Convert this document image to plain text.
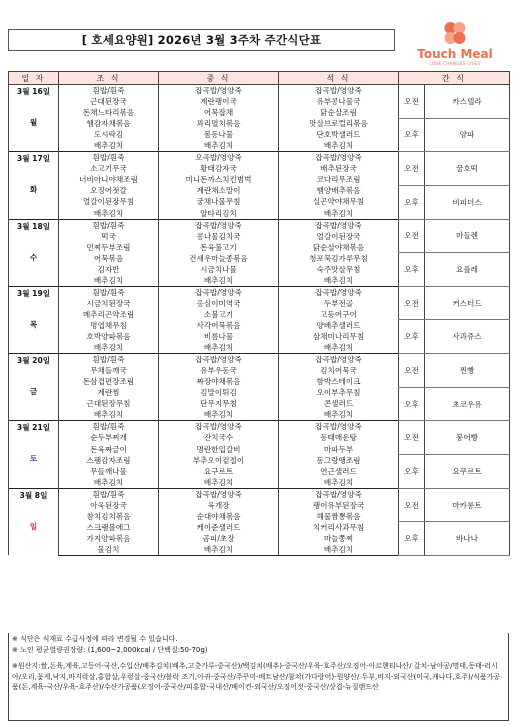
[ 호세요양원] 2026년 3월 3주차 주간식단표
Touch Meal
LOVE CHANGES LIVES
일 자	조 식	중 식	석 식	간 식	

3월 16일
월	흰밥/흰죽	잡곡밥/영양죽	잡곡밥/영양죽	오전	카스텔라
	근대된장국	계란팽이국	유부콩나물국		
	돈채느타리볶음	어묵잡채	닭순살조림		
	햄감자채볶음	꽈리멸치볶음	맛살브로컬리볶음	오후	양파
	도시락김	봄동나물	단호박샐러드		
	배추김치	배추김치	배추김치		

3월 17일
화	흰밥/흰죽	오곡밥/영양죽	잡곡밥/영양죽	오전	꿀호떡
	소고기무국	황태감자국	배추된장국		
	너비아니야채조림	미니돈까스치킨범벅	코다리무조림		
	오징어젓갈	계란채소말이	햄양배추볶음	오후	비피더스
	얼갈이된장무침	궁채나물무침	실곤약야채무침		
	배추김치	알타리김치	배추김치		

3월 18일
수	흰밥/흰죽	잡곡밥/영양죽	잡곡밥/영양죽	오전	마들렌
	떡국	콩나물김치국	얼갈이된장국		
	민찌두부조림	돈육불고기	닭순살야채볶음		
	어묵볶음	건새우마늘종볶음	청포묵김가루무침	오후	요플레
	김자반	시금치나물	숙주맛살무침		
	배추김치	배추김치	배추김치		

3월 19일
목	흰밥/흰죽	잡곡밥/영양죽	잡곡밥/영양죽	오전	커스터드
	시금치된장국	옹심이미역국	두부전골		
	메추리곤약조림	소불고기	고등어구이		
	명엽채무침	사각어묵볶음	양배추샐러드	오후	사과쥬스
	호박양파볶음	비름나물	삼채미나리무침		
	배추김치	배추김치	배추김치		

3월 20일
금	흰밥/흰죽	잡곡밥/영양죽	잡곡밥/영양죽	오전	찐빵
	무채들깨국	유부우동국	김치어묵국		
	돈삼겹편장조림	짜장야채볶음	함박스테이크		
	계란찜	김말이튀김	오이부추무침	오후	초코우유
	근대된장무침	단무지무침	콘샐러드		
	배추김치	배추김치	배추김치		

3월 21일
토	흰밥/흰죽	잡곡밥/영양죽	잡곡밥/영양죽	오전	붕어빵
	순두부찌개	잔치국수	동태매운탕		
	돈육짜글이	명란한입갈비	마파두부		
	스팸감자조림	부추오이겉절이	동그랑땡조림	오후	요쿠르트
	무들깨나물	요구르트	연근샐러드		
	배추김치	배추김치	배추김치		

3월 8일
일	흰밥/흰죽	잡곡밥/영양죽	잡곡밥/영양죽	오전	마카롱트
	아욱된장국	육개장	팽이유부된장국		
	참치김치볶음	순대야채볶음	해물짬뽕볶음		
	스크램블에그	케이준샐러드	치커리사과무침	오후	바나나
	가지양파볶음	곰피/초장	마늘쫑찌		
	물김치	배추김치	배추김치		
※ 식단은 식재료 수급사정에 따라 변경될 수 있습니다.
※ 노인 평균열량권장량: (1,600~2,000kcal / 단백질:50-70g)
※원산지:쌀,돈육,계육,고등어-국산,수입산/배추김치(배추,고춧가루-중국산)/백김치(배추)-중국산/우육-호주산/오징어-아르헨티나산/ 갈치-남아공/명태,동태-러시아/오리,꽃게,낙지,바지락살,홍합살,우렁살-중국산/볼락 조기,아귀-중국산/주꾸미-베트남산/참치(가다랑어)-원양산/ 두부,비지-외국산(미국,캐나다,호주)/식품가공품(돈,계육-국산/우육-호주산)/수산가공품(오징어-중국산/피홍합-국내산/베이컨-외국산/오징어젓-중국산/상겹-뉴질랜드산
